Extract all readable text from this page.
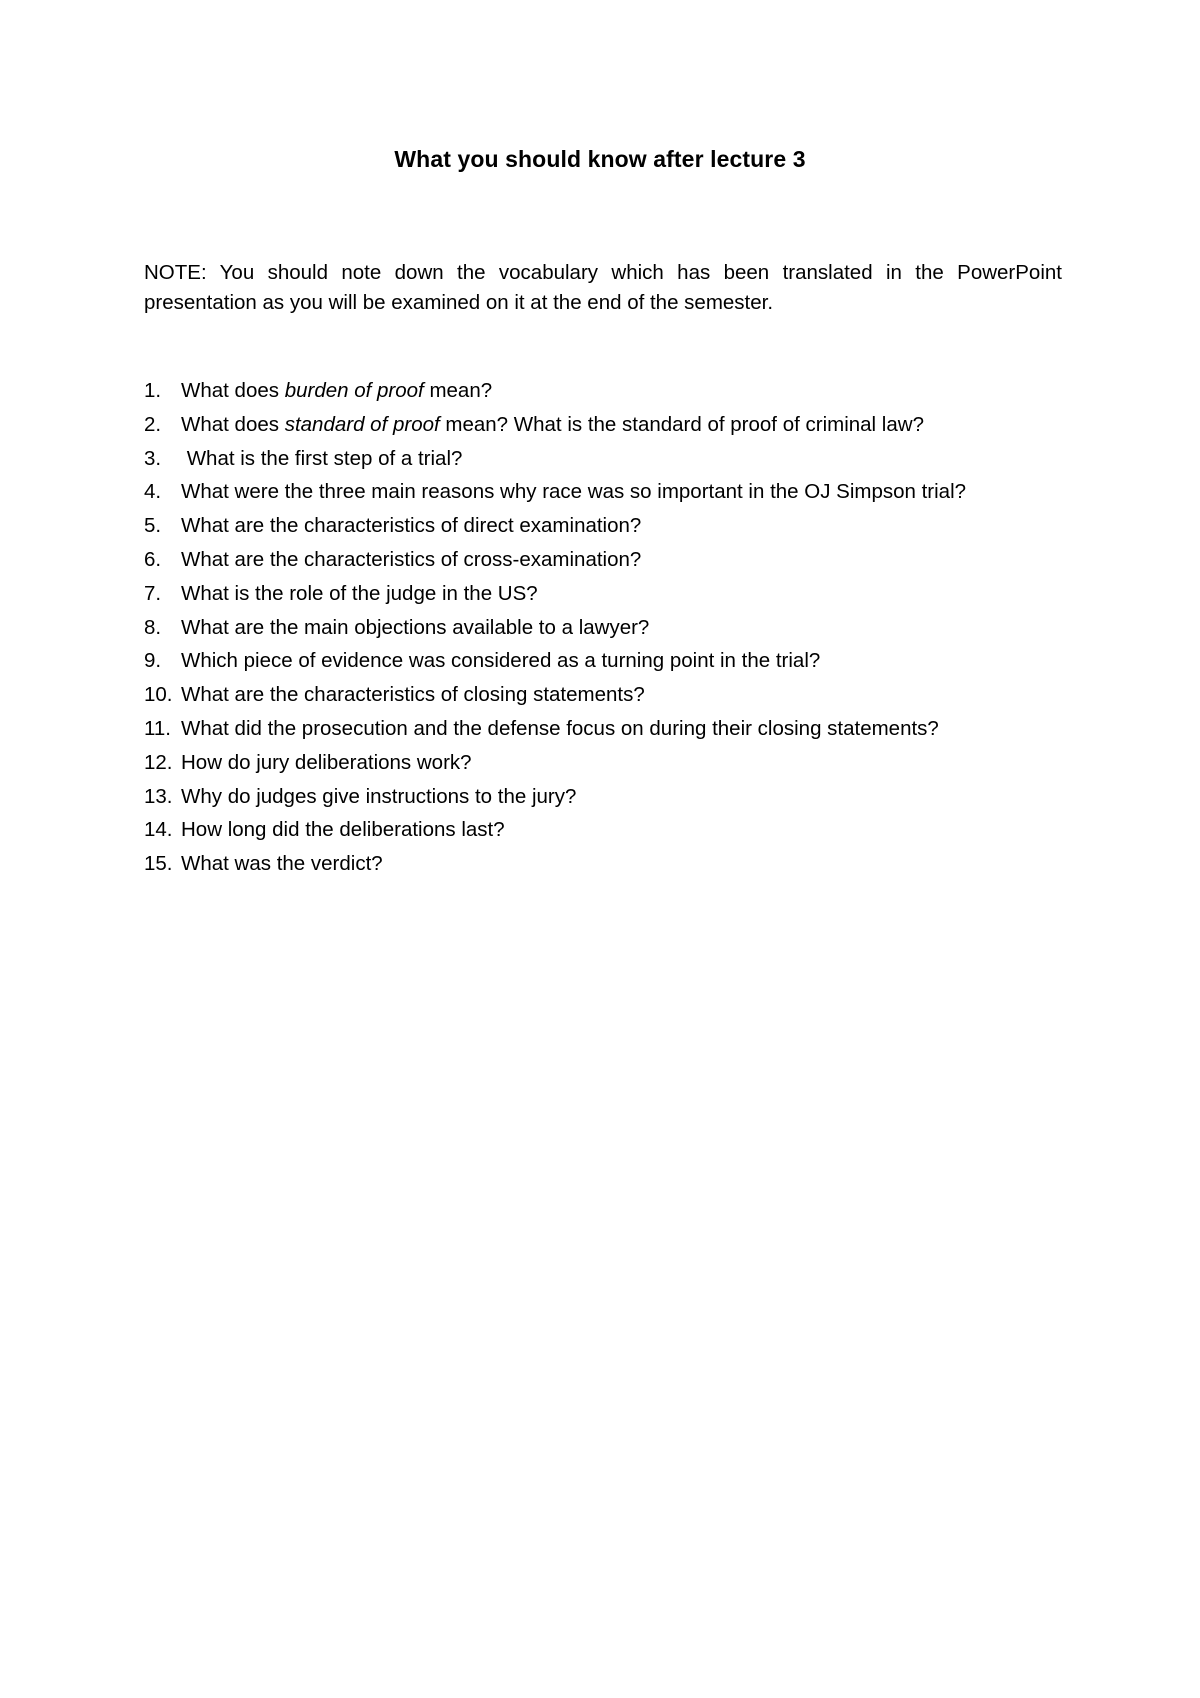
What you should know after lecture 3

NOTE: You should note down the vocabulary which has been translated in the PowerPoint presentation as you will be examined on it at the end of the semester.

1. What does burden of proof mean?
2. What does standard of proof mean? What is the standard of proof of criminal law?
3. What is the first step of a trial?
4. What were the three main reasons why race was so important in the OJ Simpson trial?
5. What are the characteristics of direct examination?
6. What are the characteristics of cross-examination?
7. What is the role of the judge in the US?
8. What are the main objections available to a lawyer?
9. Which piece of evidence was considered as a turning point in the trial?
10. What are the characteristics of closing statements?
11. What did the prosecution and the defense focus on during their closing statements?
12. How do jury deliberations work?
13. Why do judges give instructions to the jury?
14. How long did the deliberations last?
15. What was the verdict?
